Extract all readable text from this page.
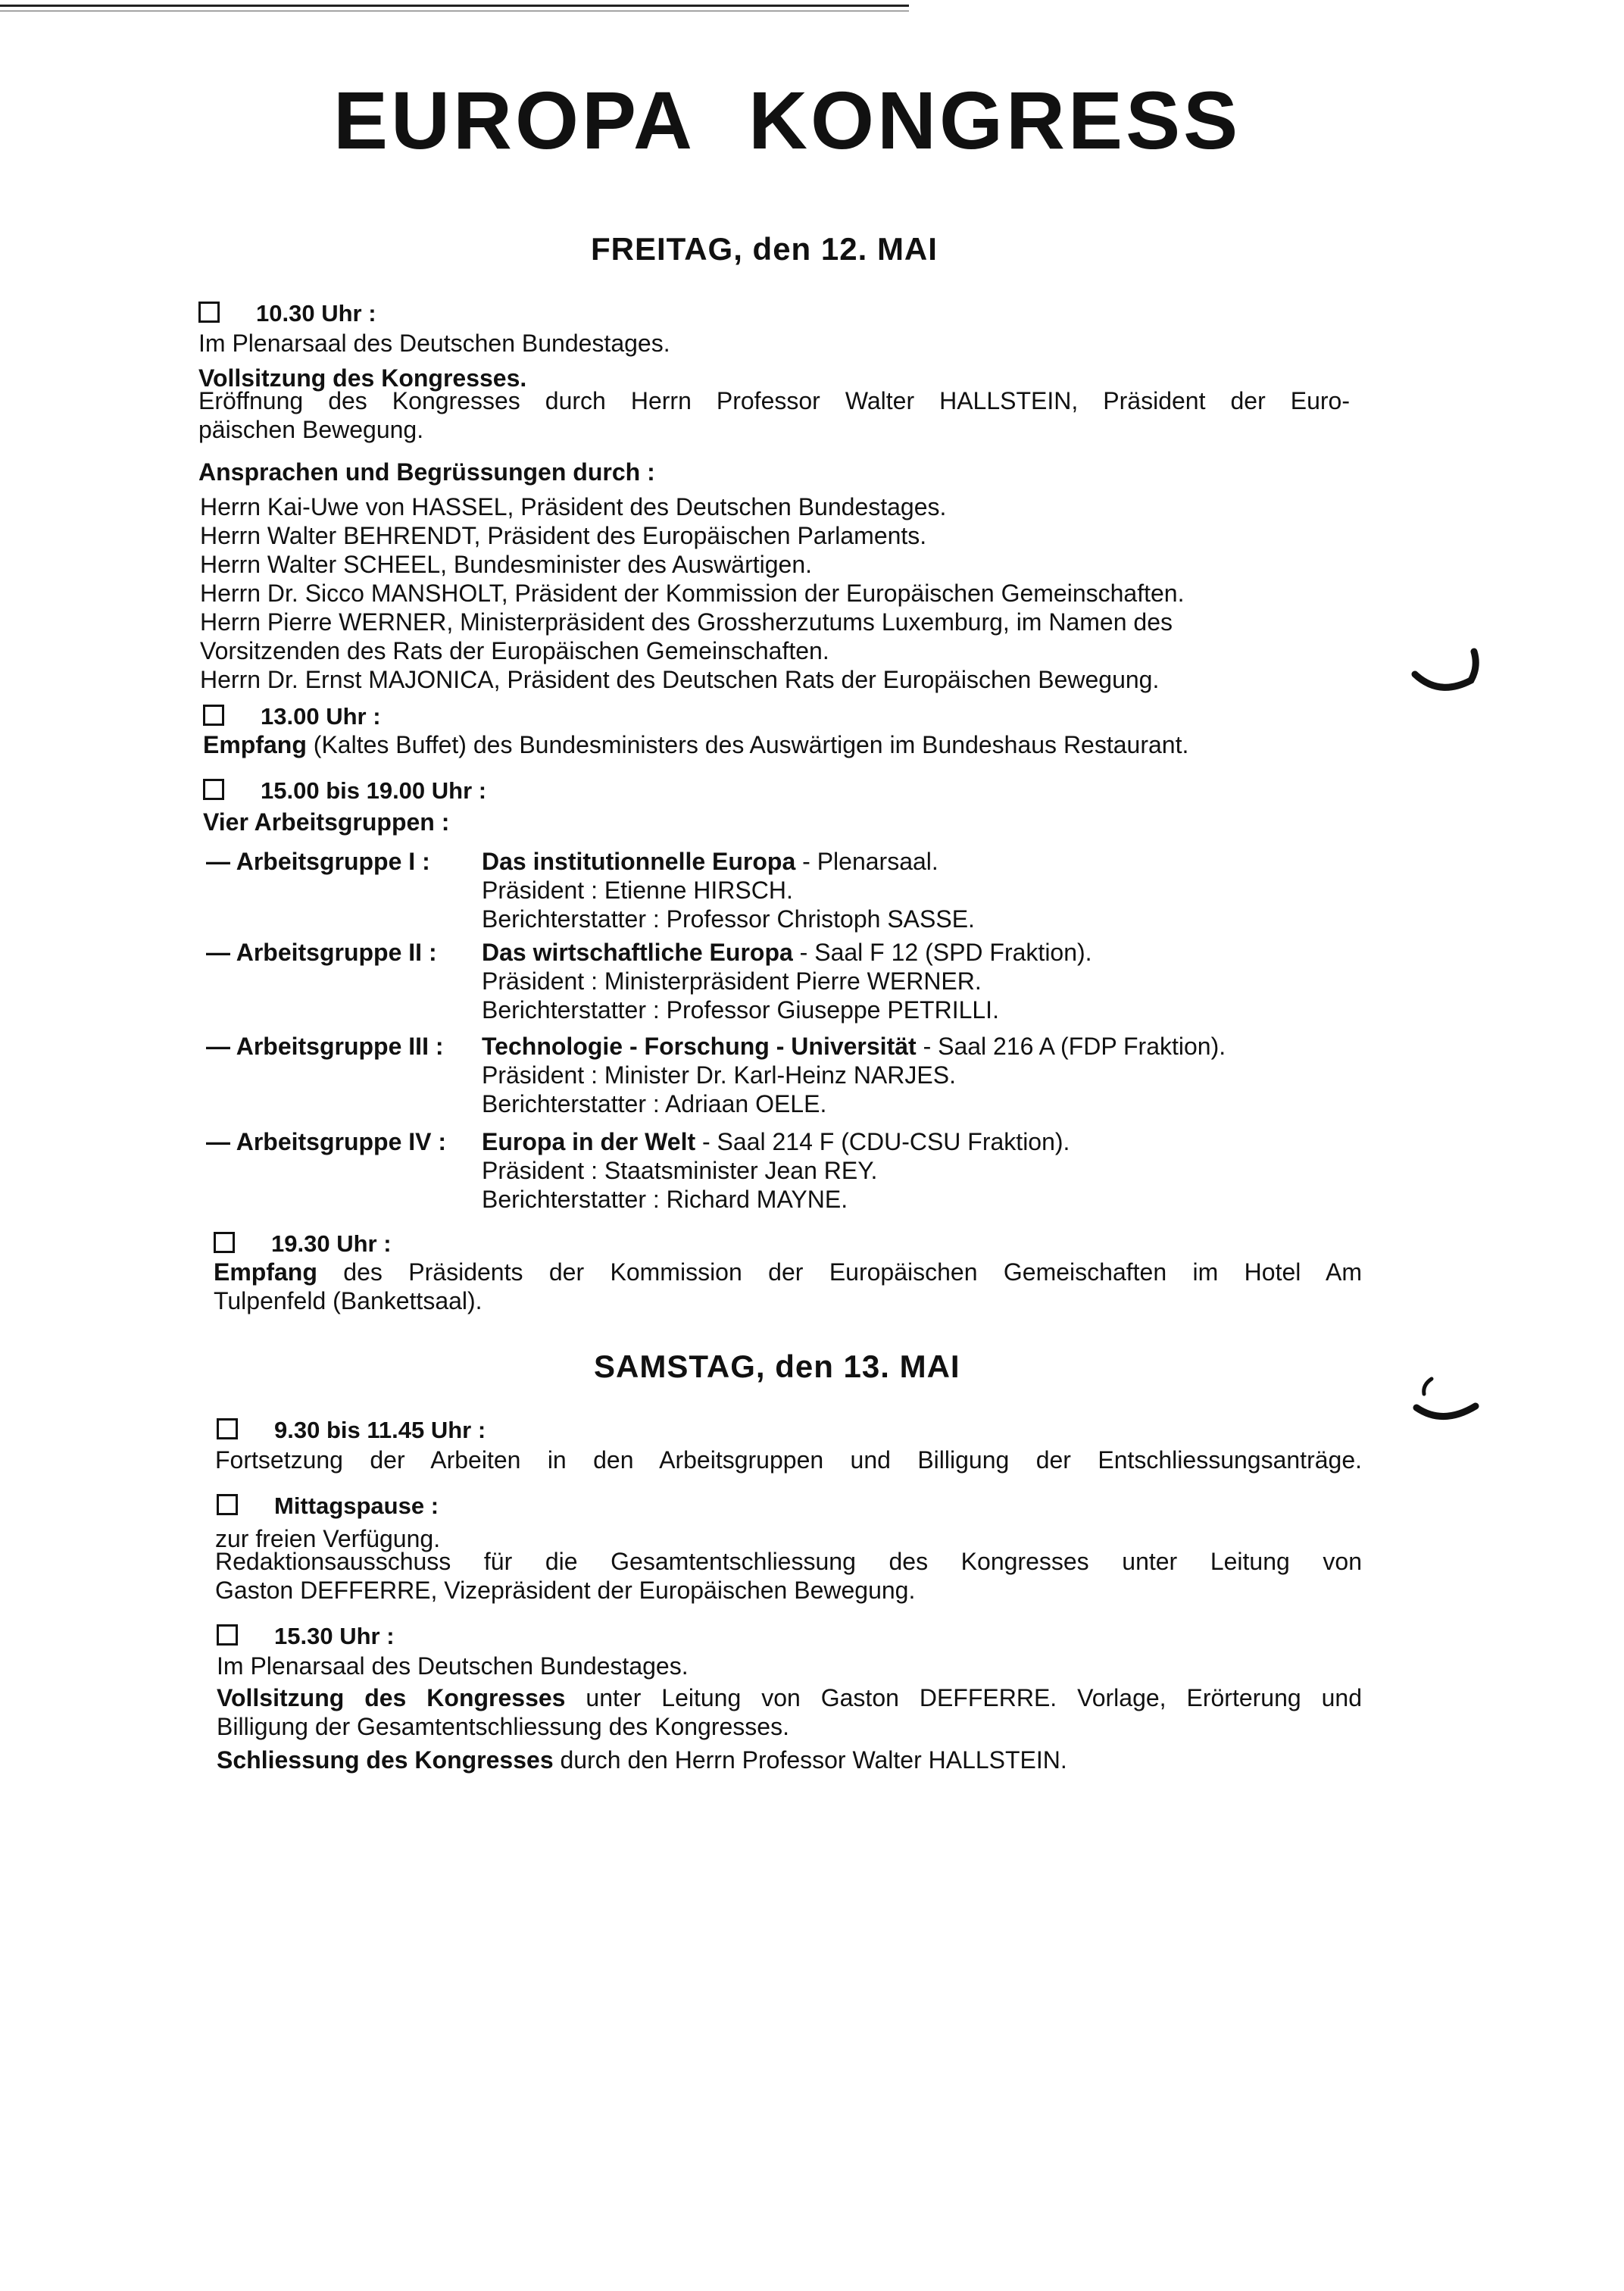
EUROPA KONGRESS
FREITAG, den 12. MAI
10.30 Uhr :
Im Plenarsaal des Deutschen Bundestages.
Vollsitzung des Kongresses.
Eröffnung des Kongresses durch Herrn Professor Walter HALLSTEIN, Präsident der Euro-
päischen Bewegung.
Ansprachen und Begrüssungen durch :
Herrn Kai-Uwe von HASSEL, Präsident des Deutschen Bundestages.
Herrn Walter BEHRENDT, Präsident des Europäischen Parlaments.
Herrn Walter SCHEEL, Bundesminister des Auswärtigen.
Herrn Dr. Sicco MANSHOLT, Präsident der Kommission der Europäischen Gemeinschaften.
Herrn Pierre WERNER, Ministerpräsident des Grossherzutums Luxemburg, im Namen des
Vorsitzenden des Rats der Europäischen Gemeinschaften.
Herrn Dr. Ernst MAJONICA, Präsident des Deutschen Rats der Europäischen Bewegung.
13.00 Uhr :
Empfang (Kaltes Buffet) des Bundesministers des Auswärtigen im Bundeshaus Restaurant.
15.00 bis 19.00 Uhr :
Vier Arbeitsgruppen :
— Arbeitsgruppe I : Das institutionnelle Europa - Plenarsaal.
Präsident : Etienne HIRSCH.
Berichterstatter : Professor Christoph SASSE.
— Arbeitsgruppe II : Das wirtschaftliche Europa - Saal F 12 (SPD Fraktion).
Präsident : Ministerpräsident Pierre WERNER.
Berichterstatter : Professor Giuseppe PETRILLI.
— Arbeitsgruppe III : Technologie - Forschung - Universität - Saal 216 A (FDP Fraktion).
Präsident : Minister Dr. Karl-Heinz NARJES.
Berichterstatter : Adriaan OELE.
— Arbeitsgruppe IV : Europa in der Welt - Saal 214 F (CDU-CSU Fraktion).
Präsident : Staatsminister Jean REY.
Berichterstatter : Richard MAYNE.
19.30 Uhr :
Empfang des Präsidents der Kommission der Europäischen Gemeischaften im Hotel Am
Tulpenfeld (Bankettsaal).
SAMSTAG, den 13. MAI
9.30 bis 11.45 Uhr :
Fortsetzung der Arbeiten in den Arbeitsgruppen und Billigung der Entschliessungsanträge.
Mittagspause :
zur freien Verfügung.
Redaktionsausschuss für die Gesamtentschliessung des Kongresses unter Leitung von
Gaston DEFFERRE, Vizepräsident der Europäischen Bewegung.
15.30 Uhr :
Im Plenarsaal des Deutschen Bundestages.
Vollsitzung des Kongresses unter Leitung von Gaston DEFFERRE. Vorlage, Erörterung und
Billigung der Gesamtentschliessung des Kongresses.
Schliessung des Kongresses durch den Herrn Professor Walter HALLSTEIN.
